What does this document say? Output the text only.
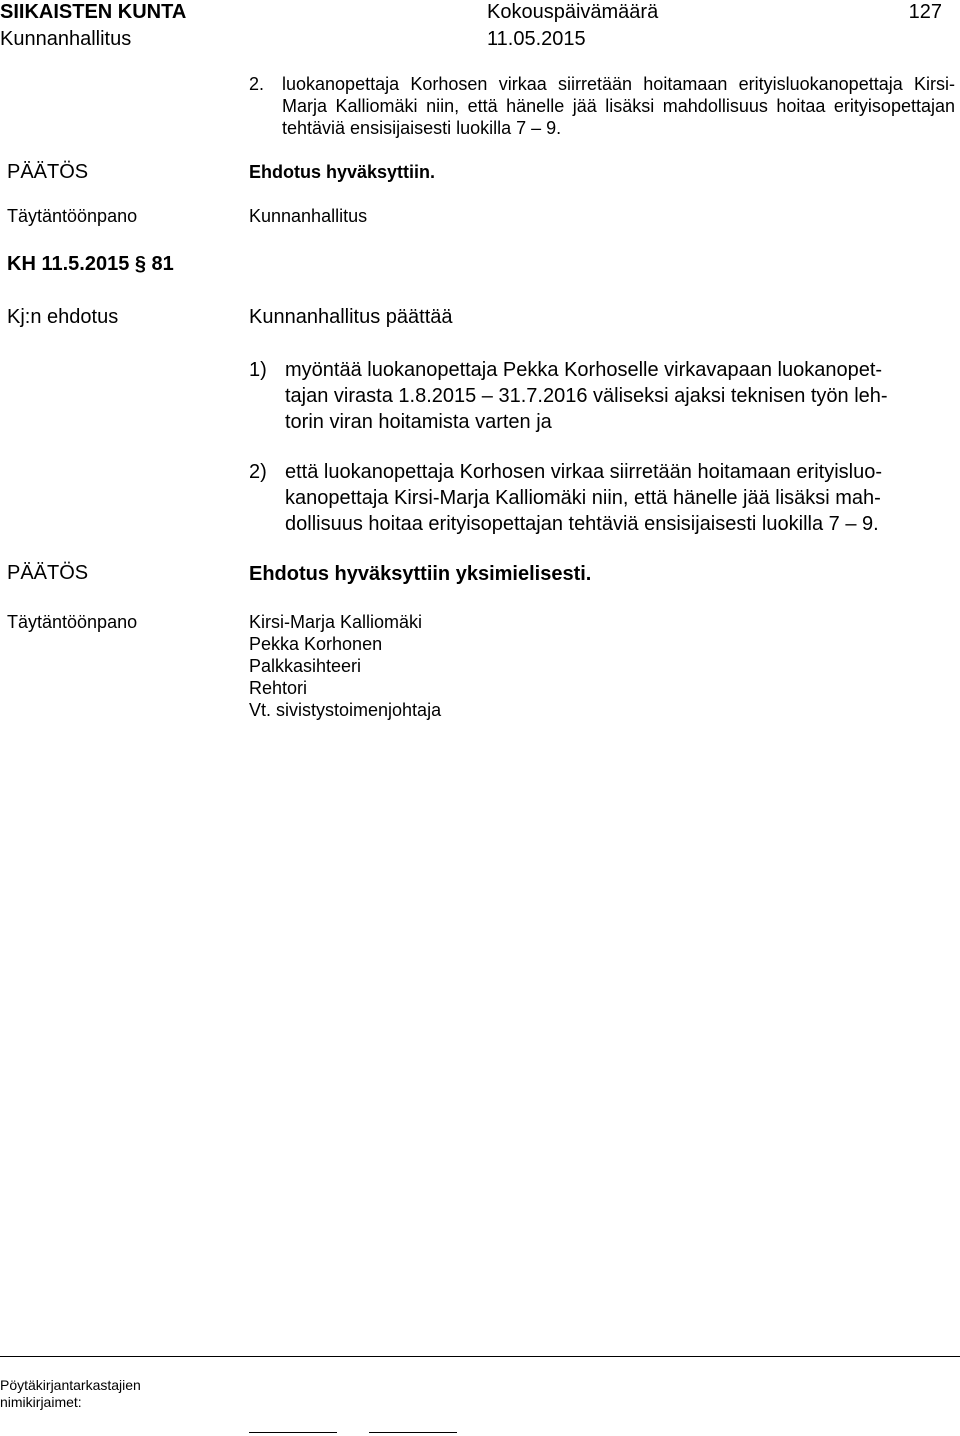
SIIKAISTEN KUNTA	Kokouspäivämäärä	127
Kunnanhallitus	11.05.2015
2. luokanopettaja Korhosen virkaa siirretään hoitamaan erityisluokanopettaja Kirsi-Marja Kalliomäki niin, että hänelle jää lisäksi mahdollisuus hoitaa erityisopettajan tehtäviä ensisijaisesti luokilla 7 – 9.
PÄÄTÖS	Ehdotus hyväksyttiin.
Täytäntöönpano	Kunnanhallitus
KH 11.5.2015 § 81
Kj:n ehdotus	Kunnanhallitus päättää
1) myöntää luokanopettaja Pekka Korhoselle virkavapaan luokanopet-
tajan virasta 1.8.2015 – 31.7.2016 väliseksi ajaksi teknisen työn leh-
torin viran hoitamista varten ja
2) että luokanopettaja Korhosen virkaa siirretään hoitamaan erityisluo-
kanopettaja Kirsi-Marja Kalliomäki niin, että hänelle jää lisäksi mah-
dollisuus hoitaa erityisopettajan tehtäviä ensisijaisesti luokilla 7 – 9.
PÄÄTÖS	Ehdotus hyväksyttiin yksimielisesti.
Täytäntöönpano	Kirsi-Marja Kalliomäki
Pekka Korhonen
Palkkasihteeri
Rehtori
Vt. sivistystoimenjohtaja
Pöytäkirjantarkastajien
nimikirjaimet:
